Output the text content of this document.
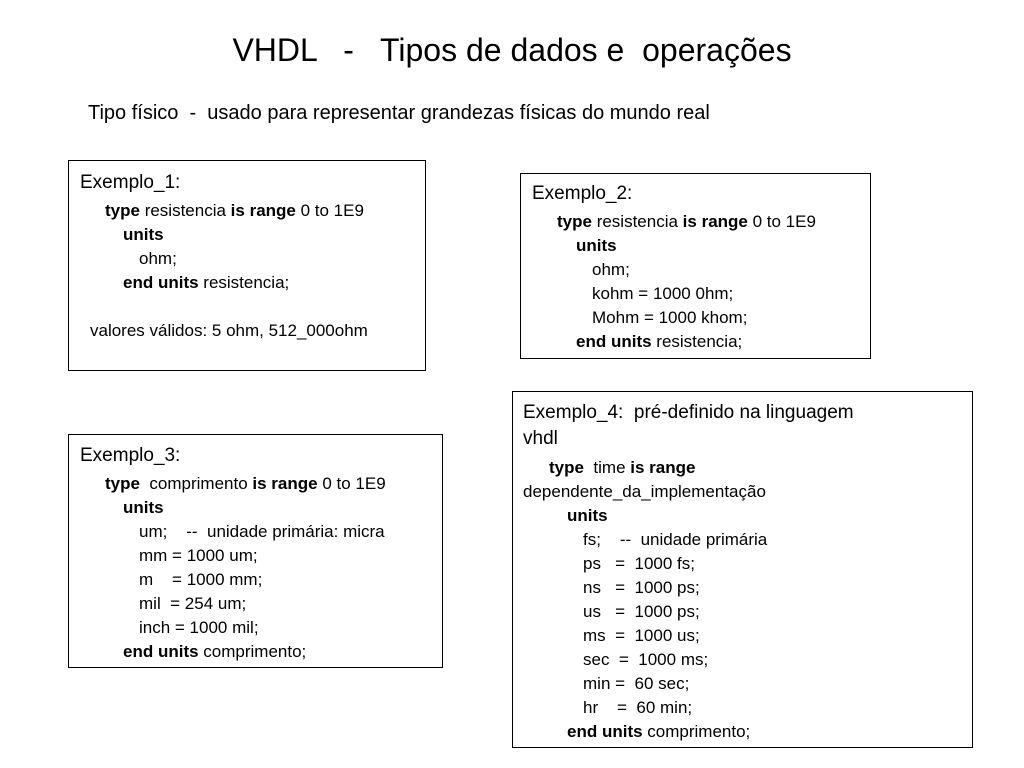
VHDL   -   Tipos de dados e  operações
Tipo físico  -  usado para representar grandezas físicas do mundo real
Exemplo_1:
type resistencia is range 0 to 1E9
units
ohm;
end units resistencia;
valores válidos: 5 ohm, 512_000ohm
Exemplo_2:
type resistencia is range 0 to 1E9
units
ohm;
kohm = 1000 0hm;
Mohm = 1000 khom;
end units resistencia;
Exemplo_3:
type  comprimento is range 0 to 1E9
units
um;    --  unidade primária: micra
mm = 1000 um;
m    = 1000 mm;
mil  = 254 um;
inch = 1000 mil;
end units comprimento;
Exemplo_4:  pré-definido na linguagem
vhdl
type  time is range
dependente_da_implementação
units
fs;    --  unidade primária
ps   =  1000 fs;
ns   =  1000 ps;
us   =  1000 ps;
ms  =  1000 us;
sec  =  1000 ms;
min =  60 sec;
hr    =  60 min;
end units comprimento;
